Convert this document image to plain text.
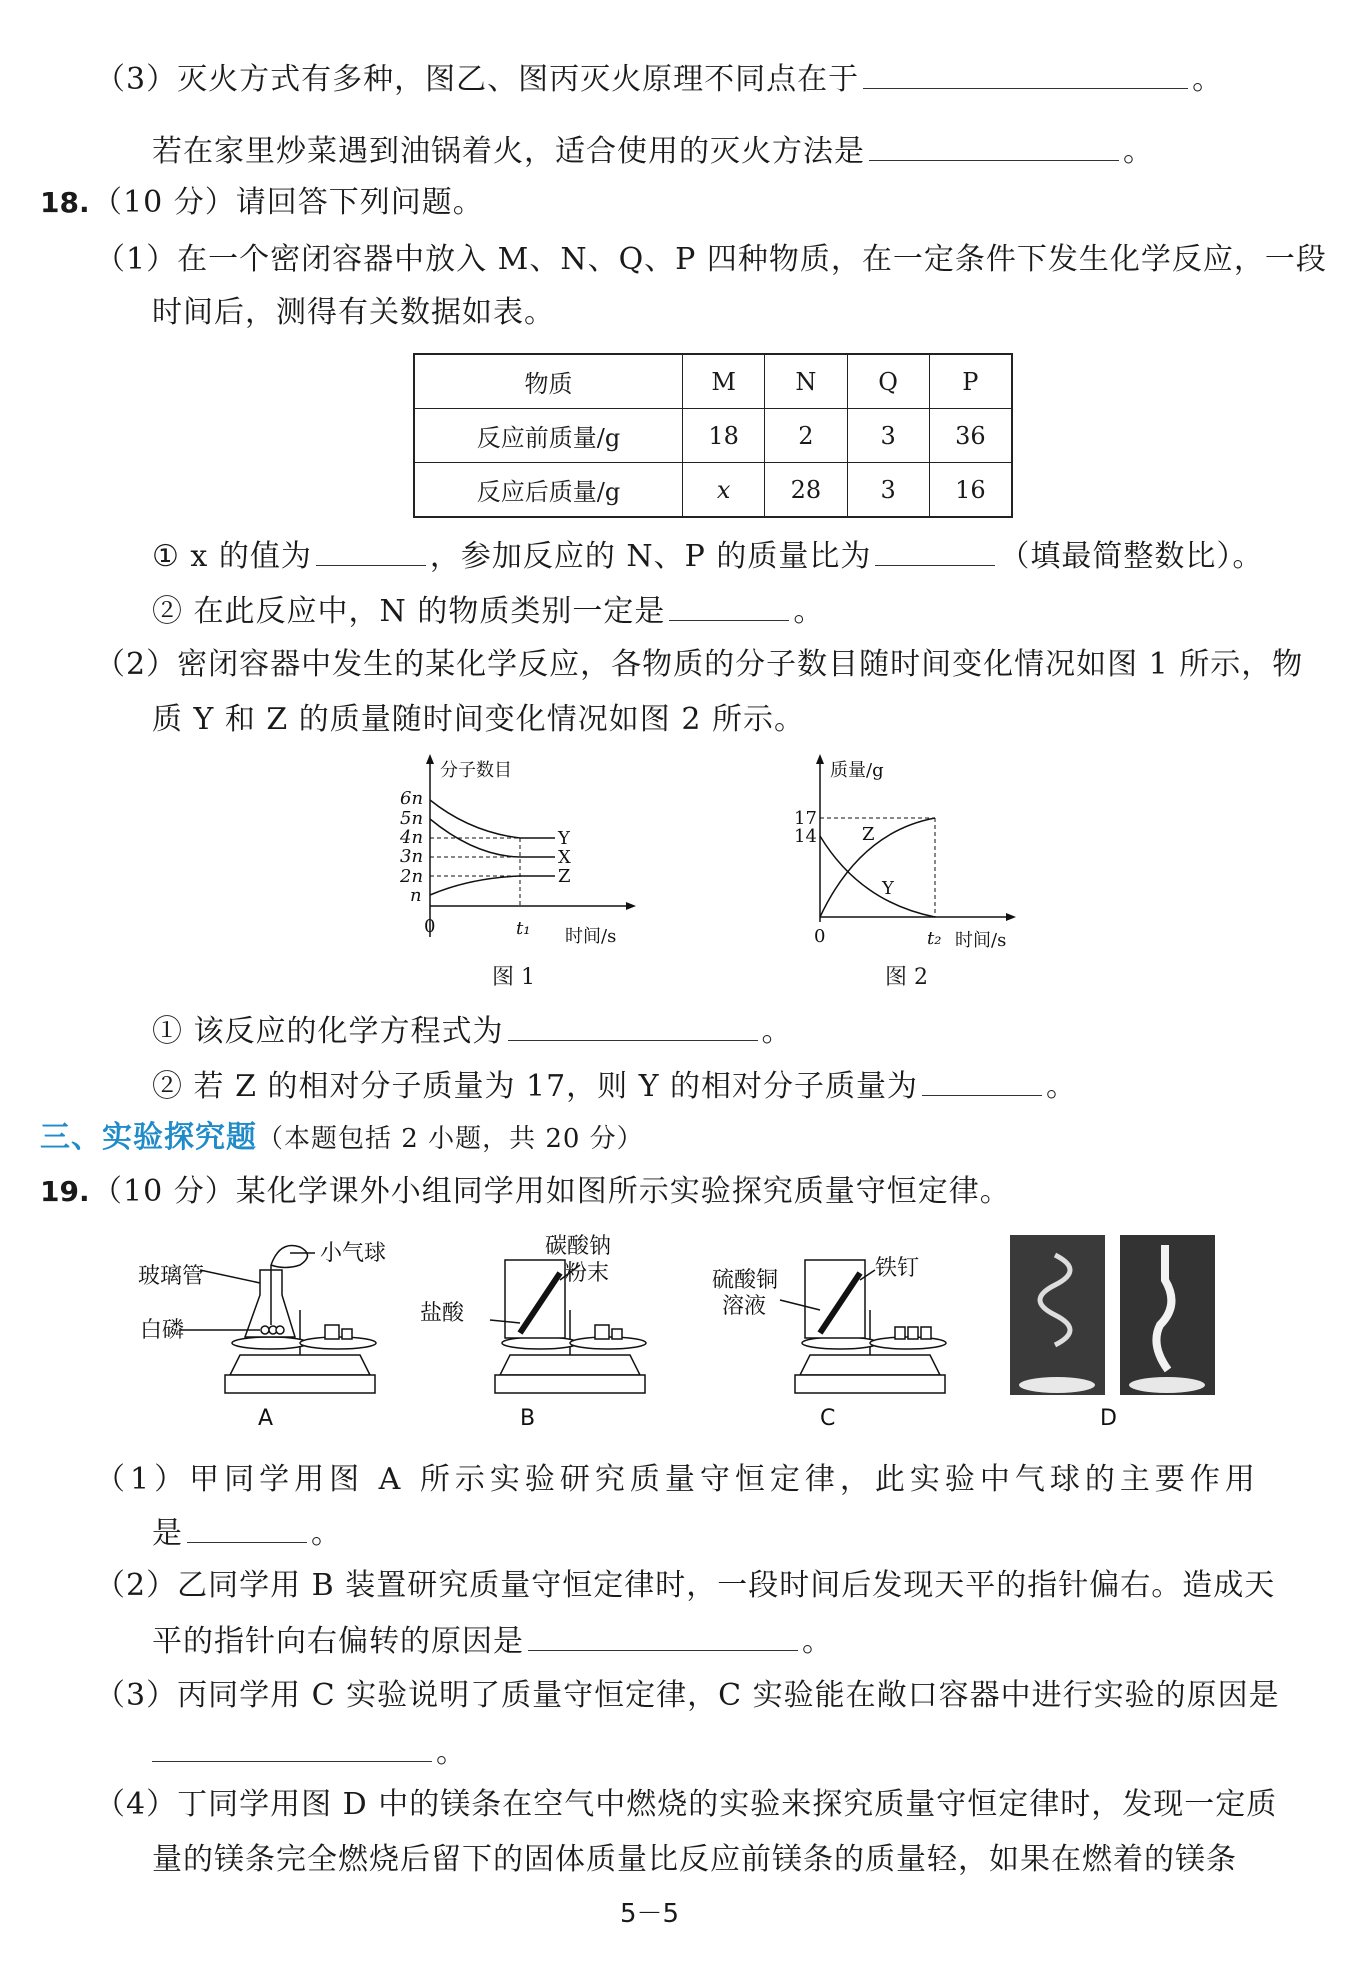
（3）灭火方式有多种，图乙、图丙灭火原理不同点在于	。
若在家里炒菜遇到油锅着火，适合使用的灭火方法是	。
18. （10 分）请回答下列问题。
（1）在一个密闭容器中放入 M、N、Q、P 四种物质，在一定条件下发生化学反应，一段
时间后，测得有关数据如表。
物质	M	N	Q	P
反应前质量/g	18	2	3	36
反应后质量/g	x	28	3	16
① x 的值为	，参加反应的 N、P 的质量比为	（填最简整数比）。
② 在此反应中，N 的物质类别一定是	。
（2）密闭容器中发生的某化学反应，各物质的分子数目随时间变化情况如图 1 所示，物
质 Y 和 Z 的质量随时间变化情况如图 2 所示。
分子数目
6n
5n
4n
3n
2n
n
Y
X
Z
0	t₁ 时间/s
图 1
质量/g
17
14	Z
Y
0	t₂ 时间/s
图 2
① 该反应的化学方程式为	。
② 若 Z 的相对分子质量为 17，则 Y 的相对分子质量为	。
三、实验探究题（本题包括 2 小题，共 20 分）
19. （10 分）某化学课外小组同学用如图所示实验探究质量守恒定律。
小气球
玻璃管
白磷
A
碳酸钠
粉末
盐酸
B
铁钉
硫酸铜
溶液
C	D
（1）甲同学用图 A 所示实验研究质量守恒定律，此实验中气球的主要作用
是	。
（2）乙同学用 B 装置研究质量守恒定律时，一段时间后发现天平的指针偏右。造成天
平的指针向右偏转的原因是	。
（3）丙同学用 C 实验说明了质量守恒定律，C 实验能在敞口容器中进行实验的原因是
。
（4）丁同学用图 D 中的镁条在空气中燃烧的实验来探究质量守恒定律时，发现一定质
量的镁条完全燃烧后留下的固体质量比反应前镁条的质量轻，如果在燃着的镁条
5－5
